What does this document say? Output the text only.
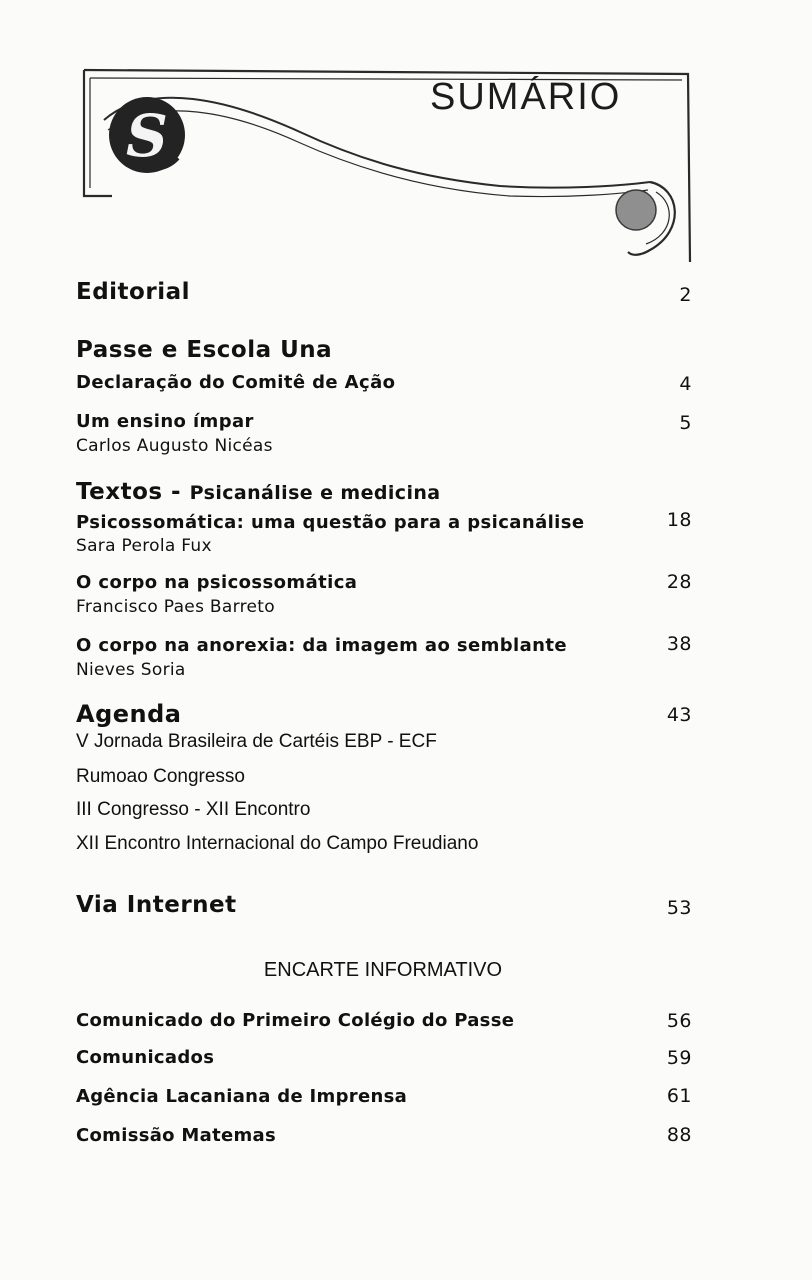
S
SUMÁRIO
Editorial	2
Passe e Escola Una
Declaração do Comitê de Ação	4
Um ensino ímpar	5
Carlos Augusto Nicéas
Textos - Psicanálise e medicina
Psicossomática: uma questão para a psicanálise	18
Sara Perola Fux
O corpo na psicossomática	28
Francisco Paes Barreto
O corpo na anorexia: da imagem ao semblante	38
Nieves Soria
Agenda	43
V Jornada Brasileira de Cartéis EBP - ECF
Rumoao Congresso
III Congresso - XII Encontro
XII Encontro Internacional do Campo Freudiano
Via Internet	53
ENCARTE INFORMATIVO
Comunicado do Primeiro Colégio do Passe	56
Comunicados	59
Agência Lacaniana de Imprensa	61
Comissão Matemas	88
